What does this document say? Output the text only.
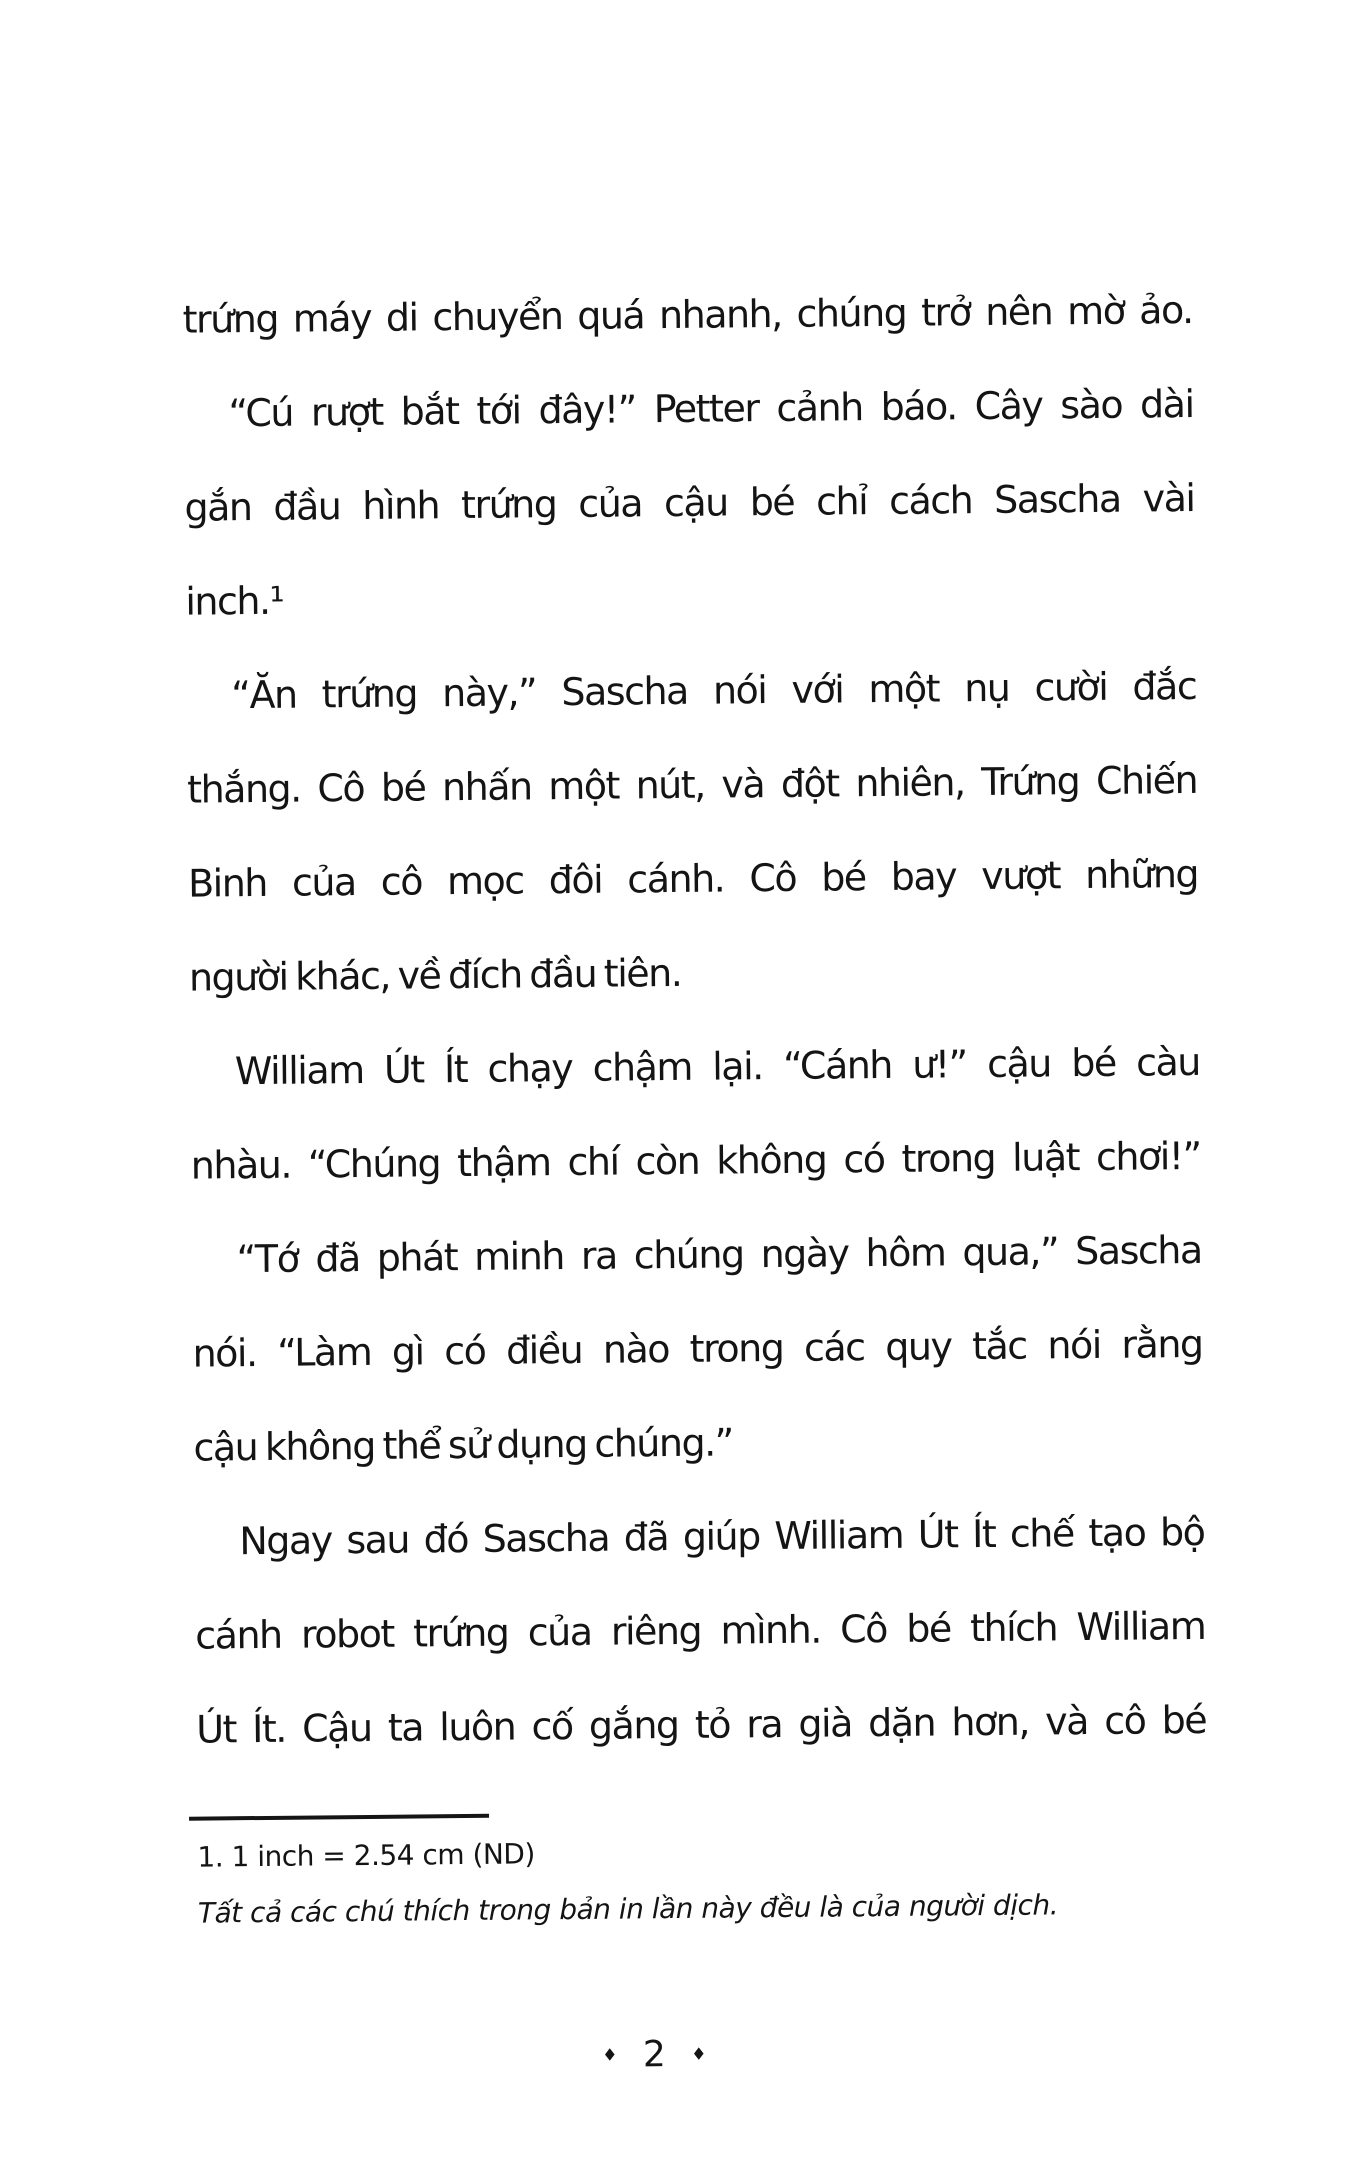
trứng máy di chuyển quá nhanh, chúng trở nên mờ ảo.
“Cú rượt bắt tới đây!” Petter cảnh báo. Cây sào dài
gắn đầu hình trứng của cậu bé chỉ cách Sascha vài
inch.¹
“Ăn trứng này,” Sascha nói với một nụ cười đắc
thắng. Cô bé nhấn một nút, và đột nhiên, Trứng Chiến
Binh của cô mọc đôi cánh. Cô bé bay vượt những
người khác, về đích đầu tiên.
William Út Ít chạy chậm lại. “Cánh ư!” cậu bé càu
nhàu. “Chúng thậm chí còn không có trong luật chơi!”
“Tớ đã phát minh ra chúng ngày hôm qua,” Sascha
nói. “Làm gì có điều nào trong các quy tắc nói rằng
cậu không thể sử dụng chúng.”
Ngay sau đó Sascha đã giúp William Út Ít chế tạo bộ
cánh robot trứng của riêng mình. Cô bé thích William
Út Ít. Cậu ta luôn cố gắng tỏ ra già dặn hơn, và cô bé
1. 1 inch = 2.54 cm (ND)
Tất cả các chú thích trong bản in lần này đều là của người dịch.
♦ 2 ♦
